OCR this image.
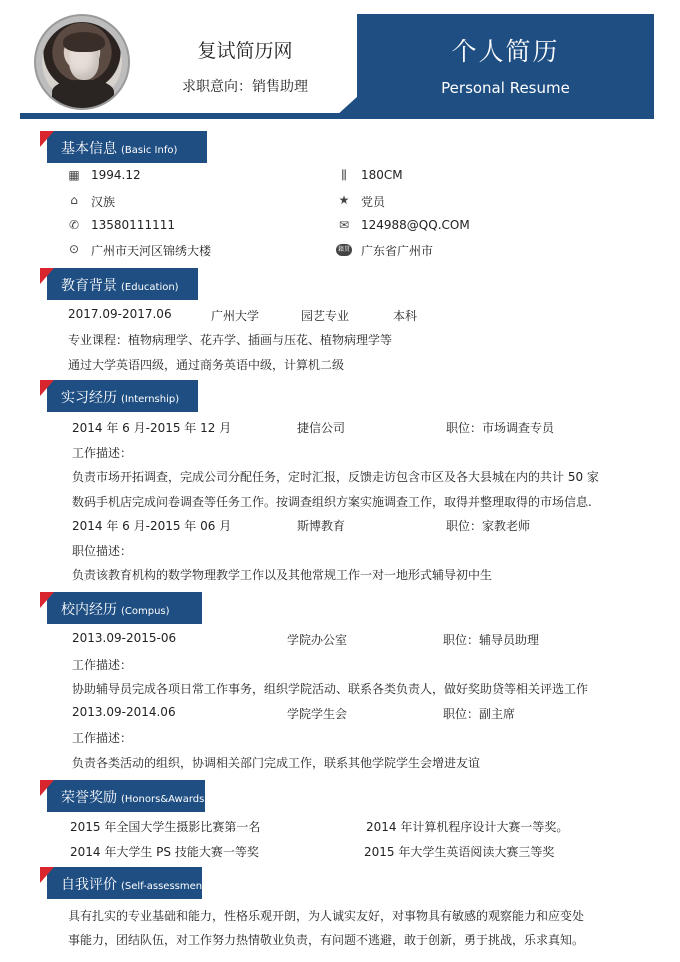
复试简历网
求职意向：销售助理
个人简历
Personal Resume
基本信息 (Basic Info)
▦ 1994.12	⫼	180CM
⌂	汉族	★ 党员
✆ 13580111111	✉ 124988@QQ.COM
⊙ 广州市天河区锦绣大楼	籍贯 广东省广州市
教育背景 (Education)
2017.09-2017.06	广州大学	园艺专业	本科
专业课程：植物病理学、花卉学、插画与压花、植物病理学等
通过大学英语四级，通过商务英语中级，计算机二级
实习经历 (Internship)
2014 年 6 月-2015 年 12 月	捷信公司	职位：市场调查专员
工作描述：
负责市场开拓调查，完成公司分配任务，定时汇报，反馈走访包含市区及各大县城在内的共计 50 家
数码手机店完成问卷调查等任务工作。按调查组织方案实施调查工作，取得并整理取得的市场信息.
2014 年 6 月-2015 年 06 月	斯博教育	职位：家教老师
职位描述：
负责该教育机构的数学物理教学工作以及其他常规工作一对一地形式辅导初中生
校内经历 (Compus)
2013.09-2015-06	学院办公室	职位：辅导员助理
工作描述：
协助辅导员完成各项日常工作事务，组织学院活动、联系各类负责人，做好奖助贷等相关评选工作
2013.09-2014.06	学院学生会	职位：副主席
工作描述：
负责各类活动的组织，协调相关部门完成工作，联系其他学院学生会增进友谊
荣誉奖励 (Honors&Awards)
2015 年全国大学生摄影比赛第一名	2014 年计算机程序设计大赛一等奖。
2014 年大学生 PS 技能大赛一等奖	2015 年大学生英语阅读大赛三等奖
自我评价 (Self-assessment)
具有扎实的专业基础和能力，性格乐观开朗，为人诚实友好，对事物具有敏感的观察能力和应变处
事能力，团结队伍，对工作努力热情敬业负责，有问题不逃避，敢于创新，勇于挑战，乐求真知。
